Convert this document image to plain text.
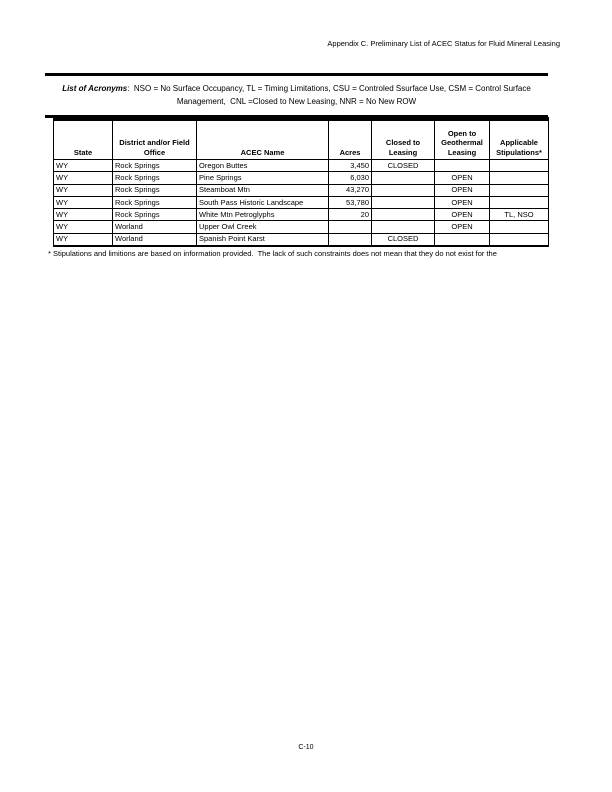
Appendix C. Preliminary List of ACEC Status for Fluid Mineral Leasing

List of Acronyms:  NSO = No Surface Occupancy, TL = Timing Limitations, CSU = Controled Ssurface Use, CSM = Control Surface

Management,  CNL =Closed to New Leasing, NNR = No New ROW

State	District and/or Field Office	ACEC Name	Acres	Closed to Leasing	Open to Geothermal Leasing	Applicable Stipulations*
WY	Rock Springs	Oregon Buttes	3,450	CLOSED		
WY	Rock Springs	Pine Springs	6,030		OPEN	
WY	Rock Springs	Steamboat Mtn	43,270		OPEN	
WY	Rock Springs	South Pass Historic Landscape	53,780		OPEN	
WY	Rock Springs	White Mtn Petroglyphs	20		OPEN	TL, NSO
WY	Worland	Upper Owl Creek			OPEN	
WY	Worland	Spanish Point Karst		CLOSED		
* Stipulations and limitions are based on information provided.  The lack of such constraints does not mean that they do not exist for the
C-10
